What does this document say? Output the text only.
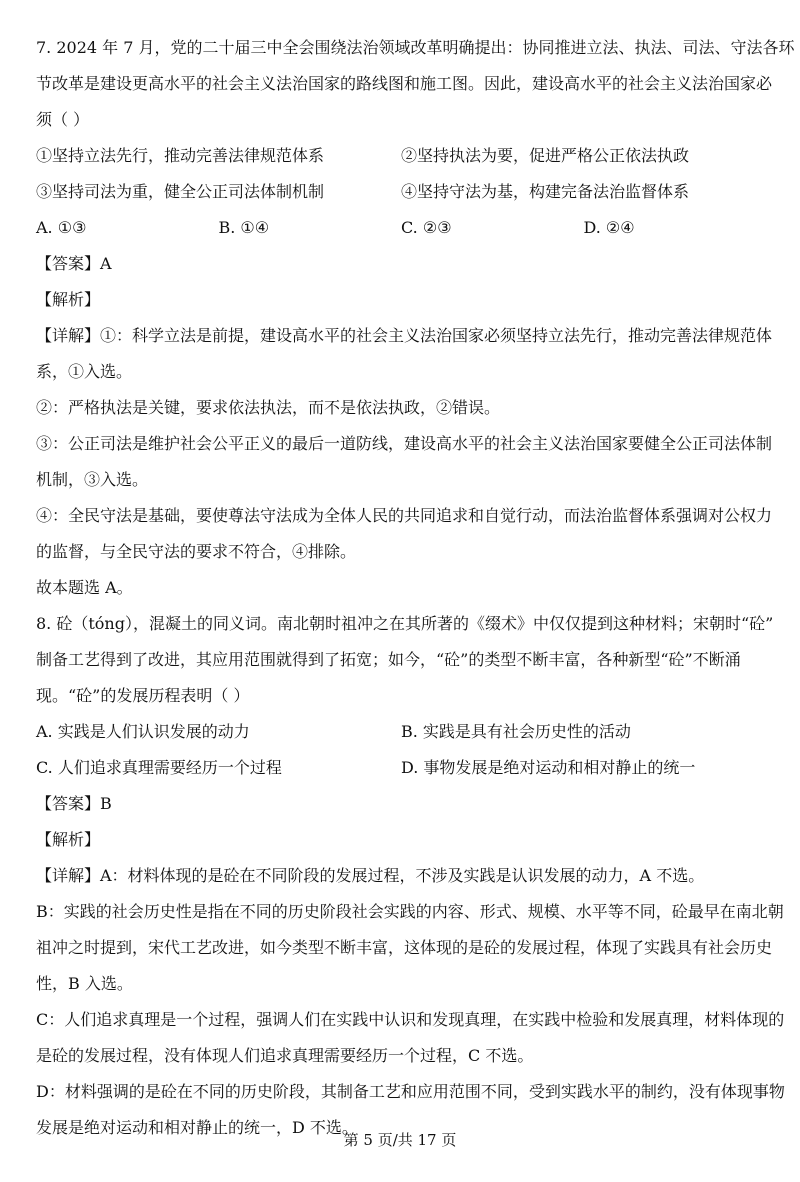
7. 2024 年 7 月，党的二十届三中全会围绕法治领域改革明确提出：协同推进立法、执法、司法、守法各环
节改革是建设更高水平的社会主义法治国家的路线图和施工图。因此，建设高水平的社会主义法治国家必
须（ ）
①坚持立法先行，推动完善法律规范体系	②坚持执法为要，促进严格公正依法执政
③坚持司法为重，健全公正司法体制机制	④坚持守法为基，构建完备法治监督体系
A. ①③	B. ①④	C. ②③	D. ②④
【答案】A
【解析】
【详解】①：科学立法是前提，建设高水平的社会主义法治国家必须坚持立法先行，推动完善法律规范体
系，①入选。
②：严格执法是关键，要求依法执法，而不是依法执政，②错误。
③：公正司法是维护社会公平正义的最后一道防线，建设高水平的社会主义法治国家要健全公正司法体制
机制，③入选。
④：全民守法是基础，要使尊法守法成为全体人民的共同追求和自觉行动，而法治监督体系强调对公权力
的监督，与全民守法的要求不符合，④排除。
故本题选 A。
8. 砼（tóng），混凝土的同义词。南北朝时祖冲之在其所著的《缀术》中仅仅提到这种材料；宋朝时“砼”
制备工艺得到了改进，其应用范围就得到了拓宽；如今，“砼”的类型不断丰富，各种新型“砼”不断涌
现。“砼”的发展历程表明（ ）
A. 实践是人们认识发展的动力	B. 实践是具有社会历史性的活动
C. 人们追求真理需要经历一个过程	D. 事物发展是绝对运动和相对静止的统一
【答案】B
【解析】
【详解】A：材料体现的是砼在不同阶段的发展过程，不涉及实践是认识发展的动力，A 不选。
B：实践的社会历史性是指在不同的历史阶段社会实践的内容、形式、规模、水平等不同，砼最早在南北朝
祖冲之时提到，宋代工艺改进，如今类型不断丰富，这体现的是砼的发展过程，体现了实践具有社会历史
性，B 入选。
C：人们追求真理是一个过程，强调人们在实践中认识和发现真理，在实践中检验和发展真理，材料体现的
是砼的发展过程，没有体现人们追求真理需要经历一个过程，C 不选。
D：材料强调的是砼在不同的历史阶段，其制备工艺和应用范围不同，受到实践水平的制约，没有体现事物
发展是绝对运动和相对静止的统一，D 不选。
第 5 页/共 17 页
